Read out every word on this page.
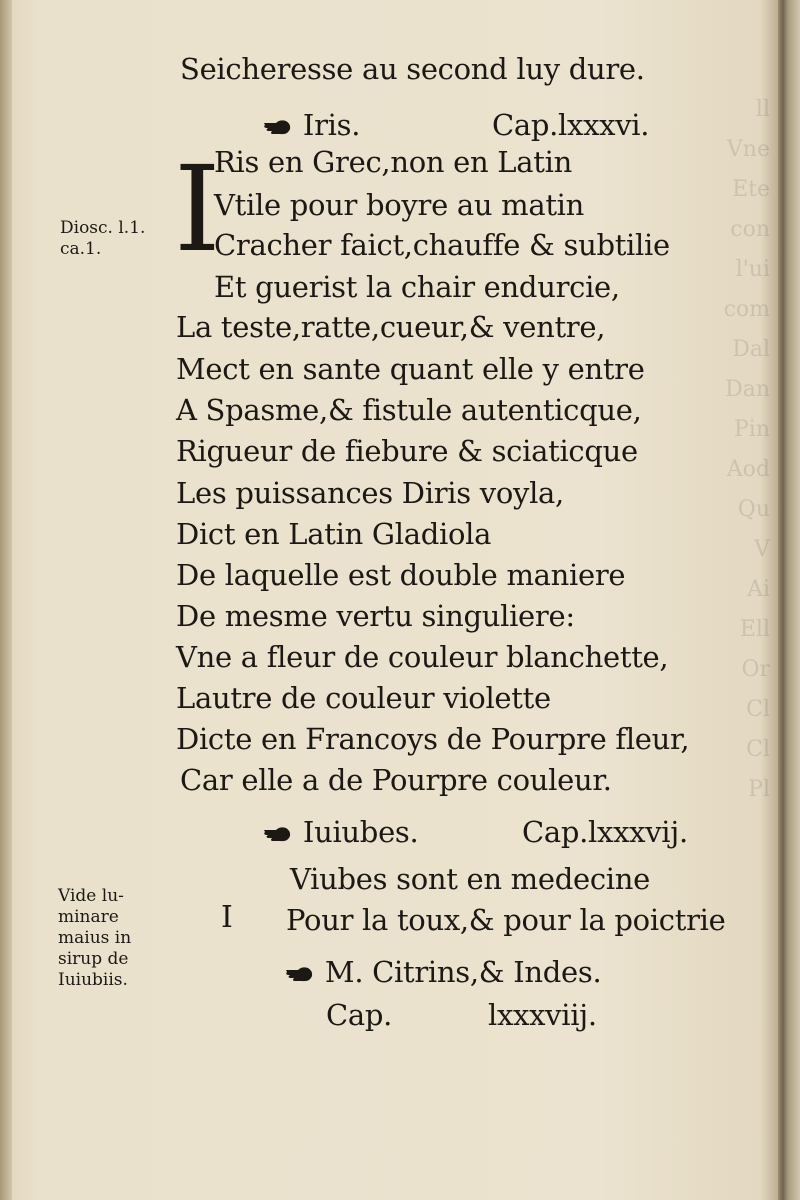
ll
Vne
Ete
con
l'ui
com
Dal
Dan
Pin
Aod
Qu
V
Ai
Ell
Or
Cl
Cl
Pl
Seicheresse au second luy dure.
Iris.	Cap.lxxxvi.
I
Ris en Grec,non en Latin
Vtile pour boyre au matin
Cracher faict,chauffe & subtilie
Et guerist la chair endurcie,
La teste,ratte,cueur,& ventre,
Mect en sante quant elle y entre
A Spasme,& fistule autenticque,
Rigueur de fiebure & sciaticque
Les puissances Diris voyla,
Dict en Latin Gladiola
De laquelle est double maniere
De mesme vertu singuliere:
Vne a fleur de couleur blanchette,
Lautre de couleur violette
Dicte en Francoys de Pourpre fleur,
Car elle a de Pourpre couleur.
Diosc. l.1.
ca.1.
Iuiubes.	Cap.lxxxvij.
Viubes sont en medecine
I Pour la toux,& pour la poictrie
Vide lu-
minare
maius in
sirup de
Iuiubiis.	M. Citrins,& Indes.
Cap.	lxxxviij.
